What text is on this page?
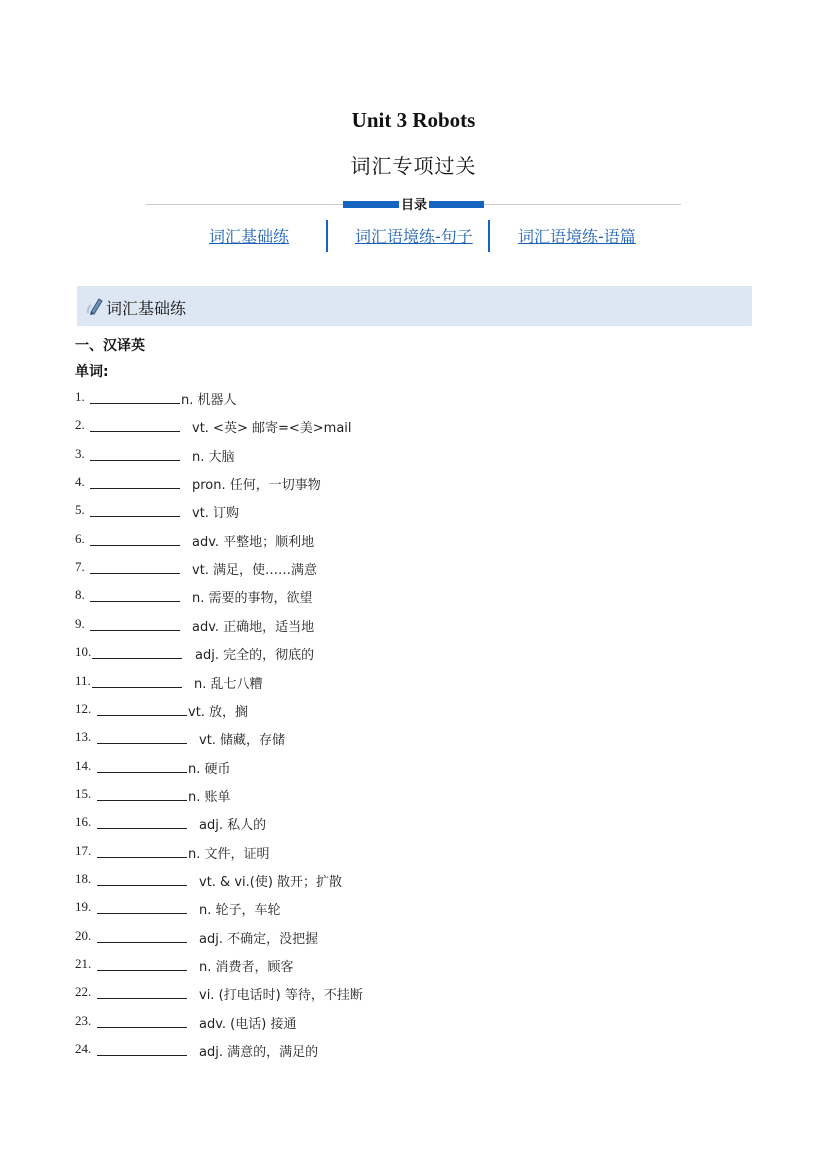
Unit 3 Robots
词汇专项过关
目录
词汇基础练	词汇语境练-句子	词汇语境练-语篇
词汇基础练
一、汉译英
单词:
1.	n. 机器人
2.	vt. <英> 邮寄=<美>mail
3.	n. 大脑
4.	pron. 任何，一切事物
5.	vt. 订购
6.	adv. 平整地；顺利地
7.	vt. 满足，使……满意
8.	n. 需要的事物，欲望
9.	adv. 正确地，适当地
10.	adj. 完全的，彻底的
11.	n. 乱七八糟
12.	vt. 放，搁
13.	vt. 储藏，存储
14.	n. 硬币
15.	n. 账单
16.	adj. 私人的
17.	n. 文件，证明
18.	vt. & vi.(使) 散开；扩散
19.	n. 轮子，车轮
20.	adj. 不确定，没把握
21.	n. 消费者，顾客
22.	vi. (打电话时) 等待，不挂断
23.	adv. (电话) 接通
24.	adj. 满意的，满足的
